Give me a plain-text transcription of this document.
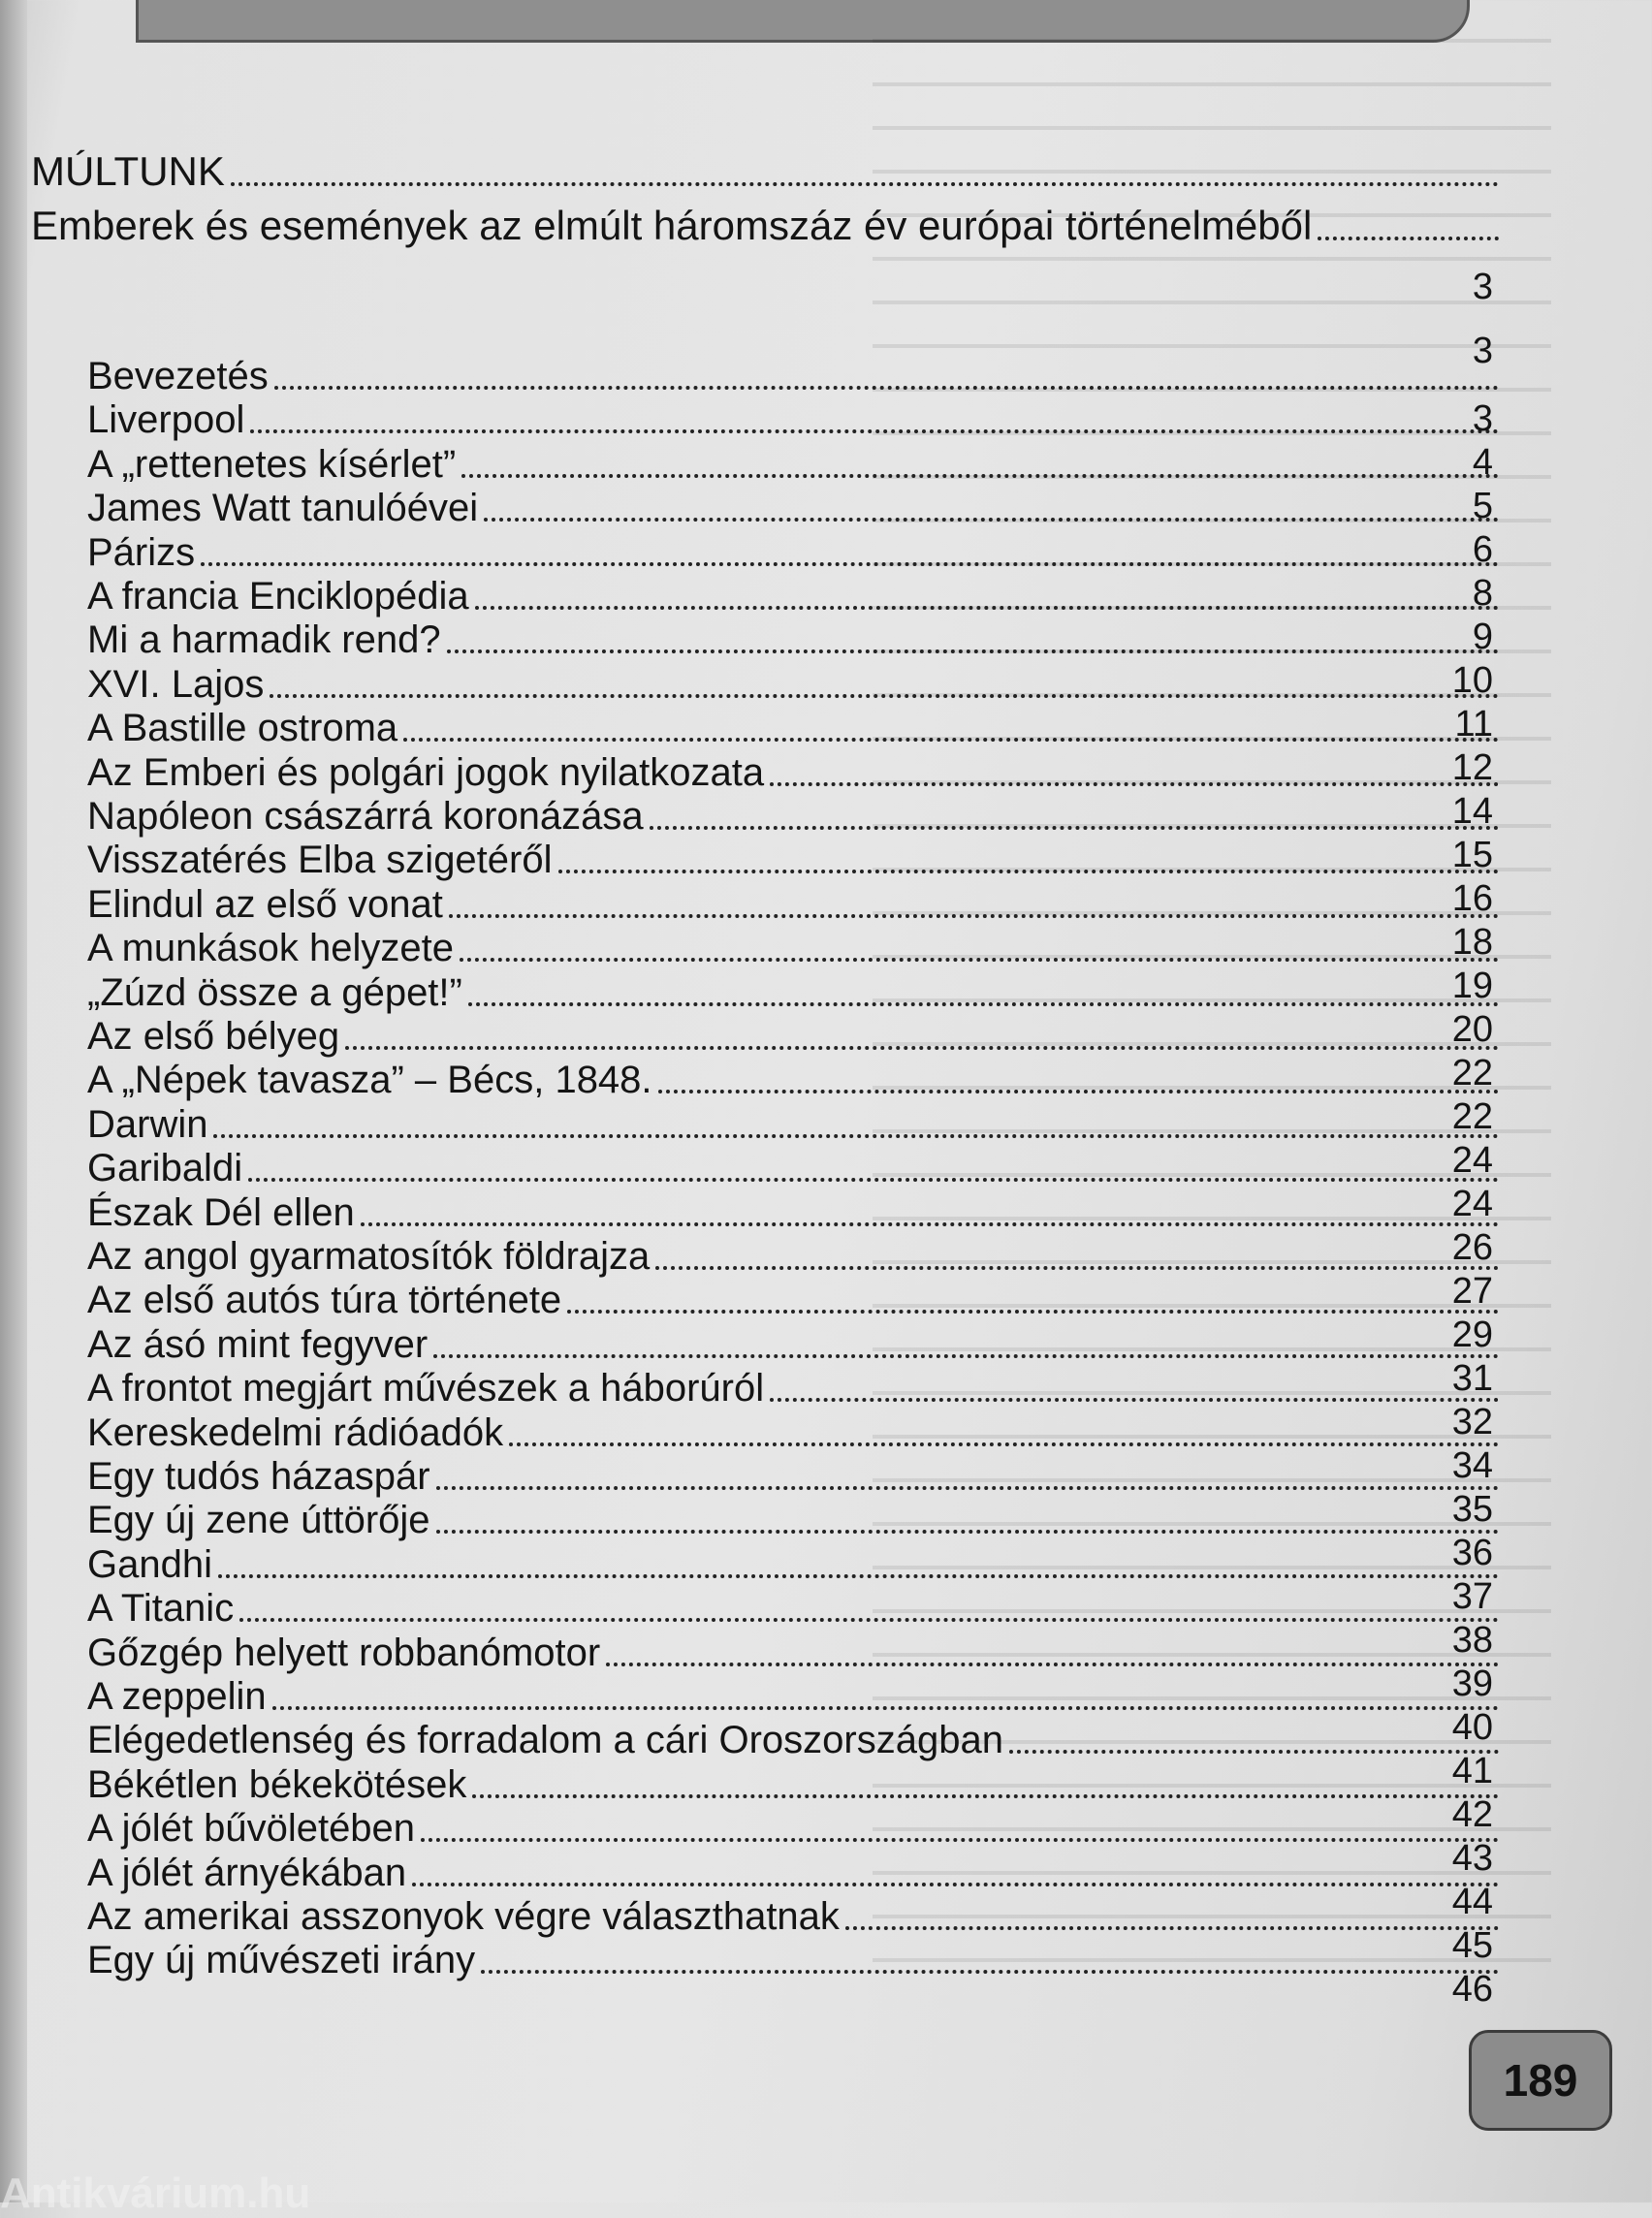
MÚLTUNK
3
Emberek és események az elmúlt háromszáz év európai történelméből
3
Bevezetés
Liverpool
A „rettenetes kísérlet”
James Watt tanulóévei
Párizs
A francia Enciklopédia
Mi a harmadik rend?
XVI. Lajos
A Bastille ostroma
Az Emberi és polgári jogok nyilatkozata
Napóleon császárrá koronázása
Visszatérés Elba szigetéről
Elindul az első vonat
A munkások helyzete
„Zúzd össze a gépet!”
Az első bélyeg
A „Népek tavasza” – Bécs, 1848.
Darwin
Garibaldi
Észak Dél ellen
Az angol gyarmatosítók földrajza
Az első autós túra története
Az ásó mint fegyver
A frontot megjárt művészek a háborúról
Kereskedelmi rádióadók
Egy tudós házaspár
Egy új zene úttörője
Gandhi
A Titanic
Gőzgép helyett robbanómotor
A zeppelin
Elégedetlenség és forradalom a cári Oroszországban
Békétlen békekötések
A jólét bűvöletében
A jólét árnyékában
Az amerikai asszonyok végre választhatnak
Egy új művészeti irány
3
4
5
6
8
9
10
11
12
14
15
16
18
19
20
22
22
24
24
26
27
29
31
32
34
35
36
37
38
39
40
41
42
43
44
45
46
189
Antikvárium.hu
